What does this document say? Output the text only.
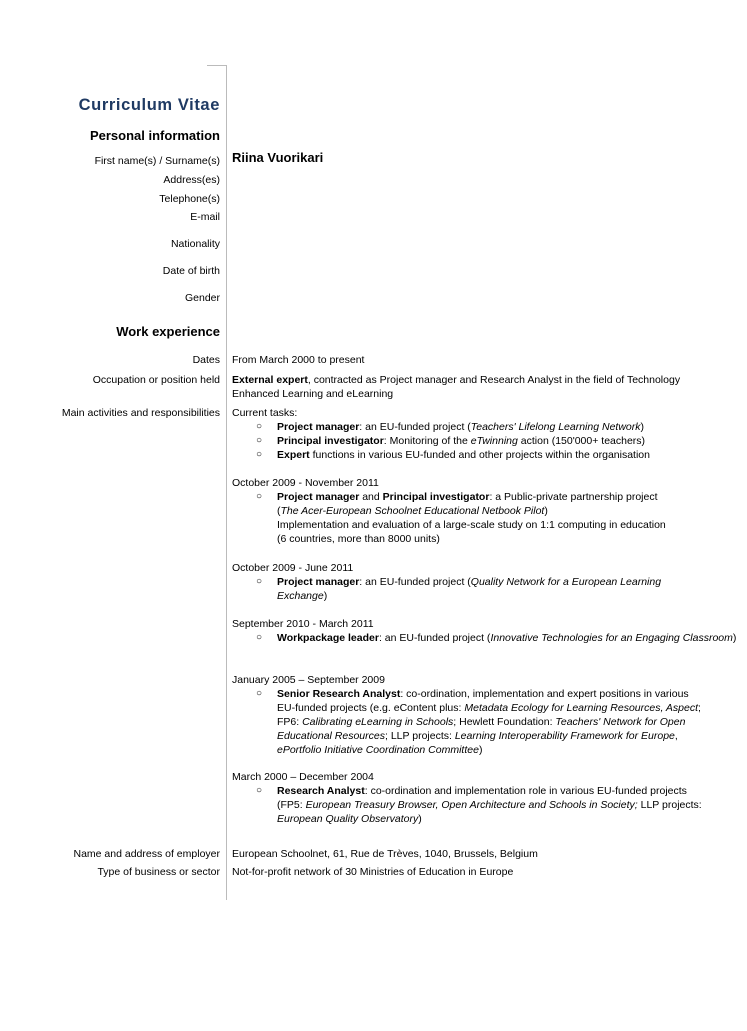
Curriculum Vitae
Personal information
First name(s) / Surname(s) Riina Vuorikari
Address(es)
Telephone(s)
E-mail
Nationality
Date of birth
Gender
Work experience
Dates From March 2000 to present
Occupation or position held External expert, contracted as Project manager and Research Analyst in the field of Technology Enhanced Learning and eLearning
Main activities and responsibilities Current tasks:
○ Project manager: an EU-funded project (Teachers' Lifelong Learning Network)
○ Principal investigator: Monitoring of the eTwinning action (150'000+ teachers)
○ Expert functions in various EU-funded and other projects within the organisation
October 2009 - November 2011
○ Project manager and Principal investigator: a Public-private partnership project
(The Acer-European Schoolnet Educational Netbook Pilot)
Implementation and evaluation of a large-scale study on 1:1 computing in education
(6 countries, more than 8000 units)
October 2009 - June 2011
○ Project manager: an EU-funded project (Quality Network for a European Learning Exchange)
September 2010 - March 2011
○ Workpackage leader: an EU-funded project (Innovative Technologies for an Engaging Classroom)
January 2005 – September 2009
○ Senior Research Analyst: co-ordination, implementation and expert positions in various EU-funded projects (e.g. eContent plus: Metadata Ecology for Learning Resources, Aspect; FP6: Calibrating eLearning in Schools; Hewlett Foundation: Teachers' Network for Open Educational Resources; LLP projects: Learning Interoperability Framework for Europe, ePortfolio Initiative Coordination Committee)
March 2000 – December 2004
○ Research Analyst: co-ordination and implementation role in various EU-funded projects (FP5: European Treasury Browser, Open Architecture and Schools in Society; LLP projects: European Quality Observatory)
Name and address of employer European Schoolnet, 61, Rue de Trèves, 1040, Brussels, Belgium
Type of business or sector Not-for-profit network of 30 Ministries of Education in Europe
